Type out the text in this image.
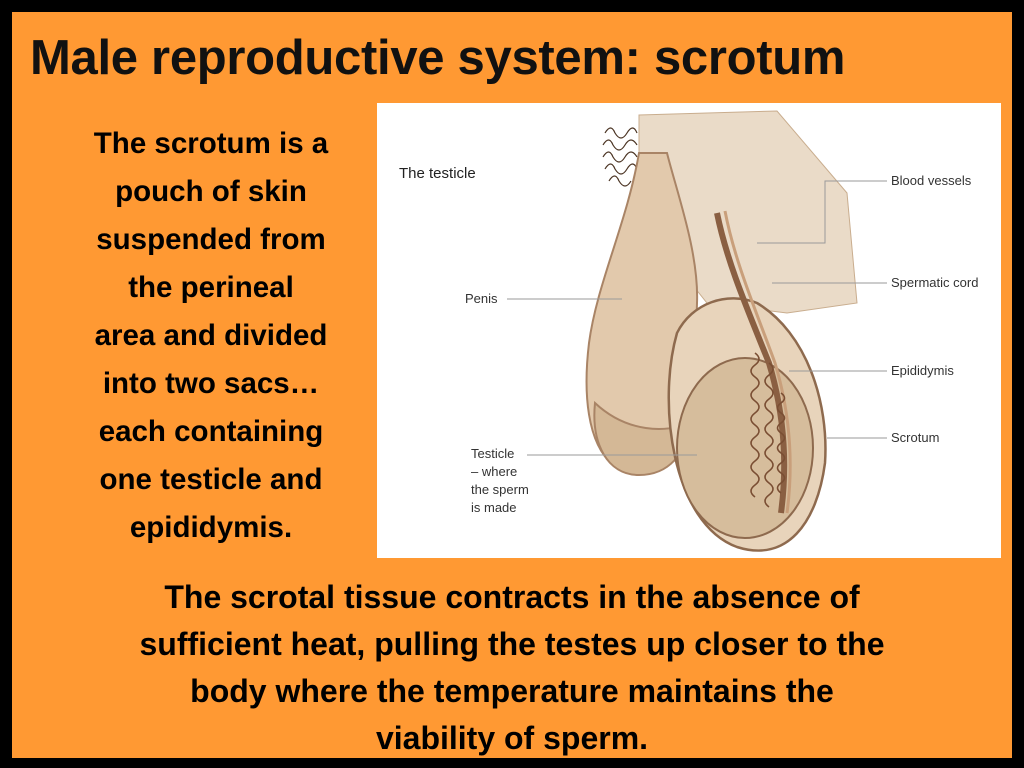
Male reproductive system: scrotum
The scrotum is a
pouch of skin
suspended from
the perineal
area and divided
into two sacs…
each containing
one testicle and
epididymis.
The testicle	Blood vessels
Spermatic cord
Epididymis
Scrotum
Penis
Testicle
– where
the sperm
is made
The scrotal tissue contracts in the absence of
sufficient heat, pulling the testes up closer to the
body where the temperature maintains the
viability of sperm.
